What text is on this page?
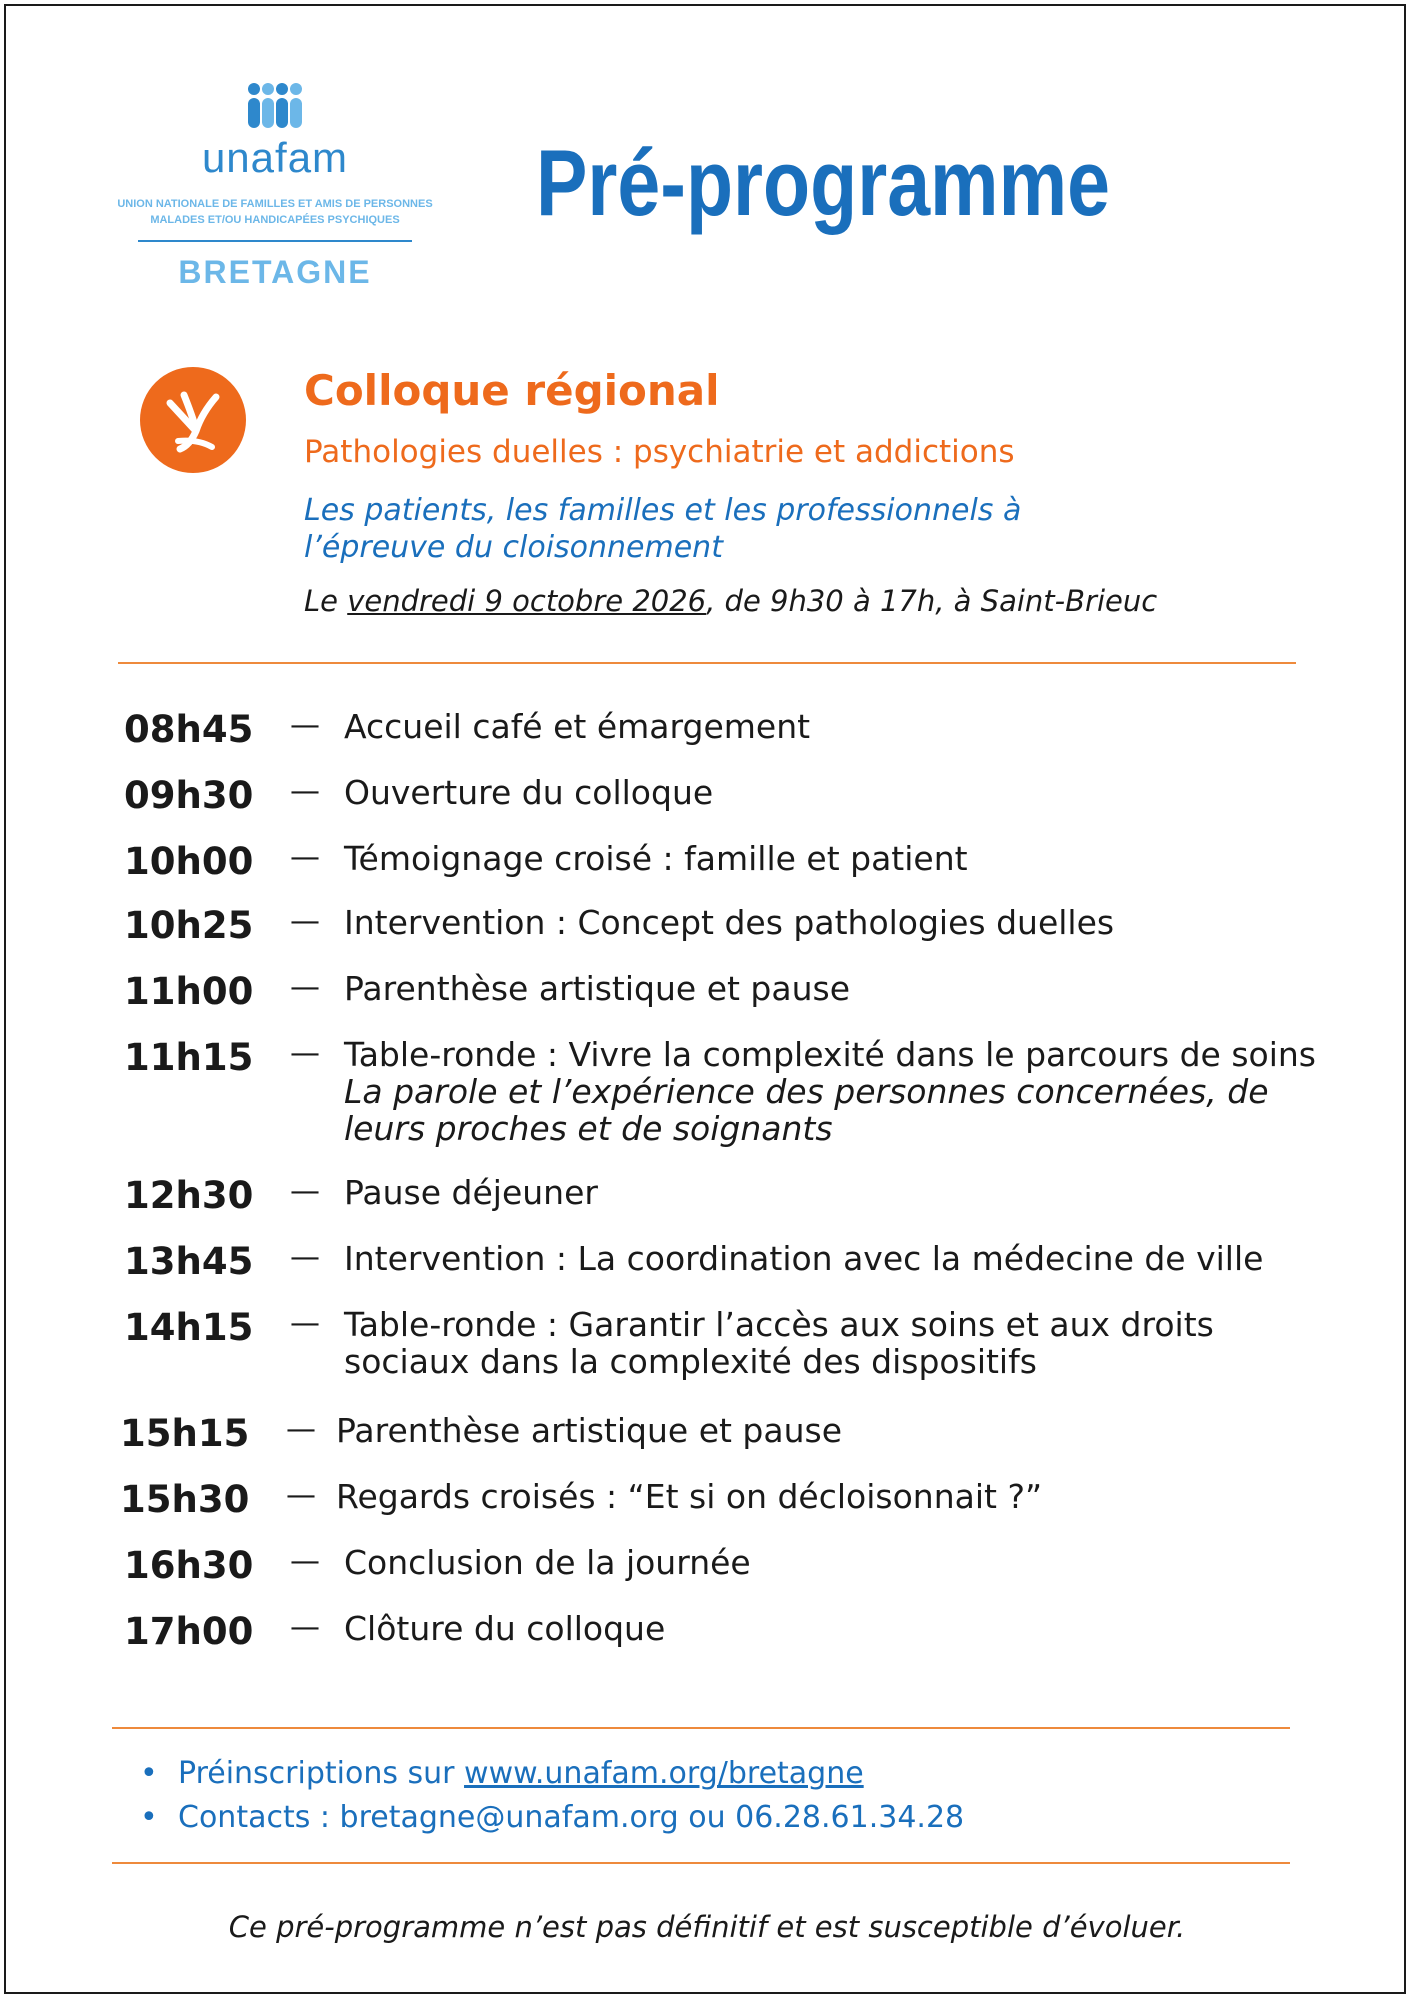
unafam
UNION NATIONALE DE FAMILLES ET AMIS DE PERSONNES
MALADES ET/OU HANDICAPÉES PSYCHIQUES
BRETAGNE
Pré-programme
Colloque régional
Pathologies duelles : psychiatrie et addictions
Les patients, les familles et les professionnels à
l’épreuve du cloisonnement
Le vendredi 9 octobre 2026, de 9h30 à 17h, à Saint-Brieuc
08h45 — Accueil café et émargement
09h30 — Ouverture du colloque
10h00 — Témoignage croisé : famille et patient
10h25 — Intervention : Concept des pathologies duelles
11h00 — Parenthèse artistique et pause
11h15 — Table-ronde : Vivre la complexité dans le parcours de soins
La parole et l’expérience des personnes concernées, de
leurs proches et de soignants
12h30 — Pause déjeuner
13h45 — Intervention : La coordination avec la médecine de ville
14h15 — Table-ronde : Garantir l’accès aux soins et aux droits
sociaux dans la complexité des dispositifs
15h15 — Parenthèse artistique et pause
15h30 — Regards croisés : “Et si on décloisonnait ?”
16h30 — Conclusion de la journée
17h00 — Clôture du colloque
• Préinscriptions sur www.unafam.org/bretagne
• Contacts : bretagne@unafam.org ou 06.28.61.34.28
Ce pré-programme n’est pas définitif et est susceptible d’évoluer.
